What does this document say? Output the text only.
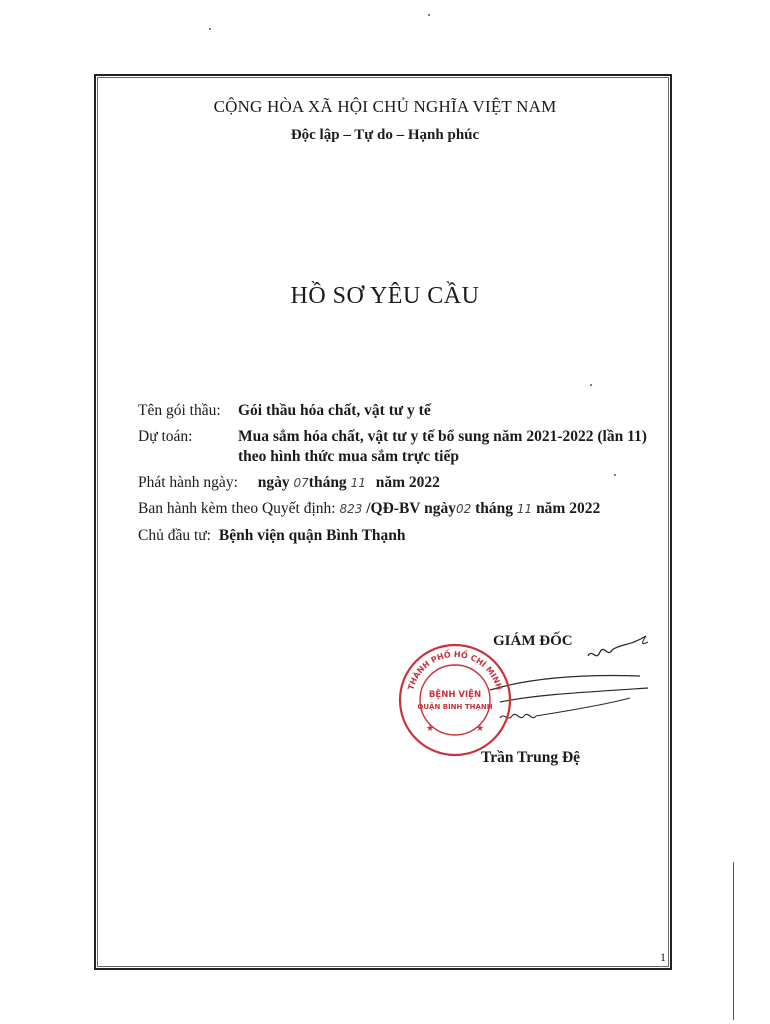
CỘNG HÒA XÃ HỘI CHỦ NGHĨA VIỆT NAM
Độc lập – Tự do – Hạnh phúc
HỒ SƠ YÊU CẦU
Tên gói thầu: Gói thầu hóa chất, vật tư y tế
Dự toán:	Mua sắm hóa chất, vật tư y tế bổ sung năm 2021-2022 (lần 11)
theo hình thức mua sắm trực tiếp
Phát hành ngày: ngày 07tháng 11 năm 2022
Ban hành kèm theo Quyết định: 823 /QĐ-BV ngày02 tháng 11 năm 2022
Chủ đầu tư: Bệnh viện quận Bình Thạnh
GIÁM ĐỐC
THÀNH PHỐ HỒ CHÍ MINH
BỆNH VIỆN
QUẬN BÌNH THẠNH
★	★
Trần Trung Đệ
1
